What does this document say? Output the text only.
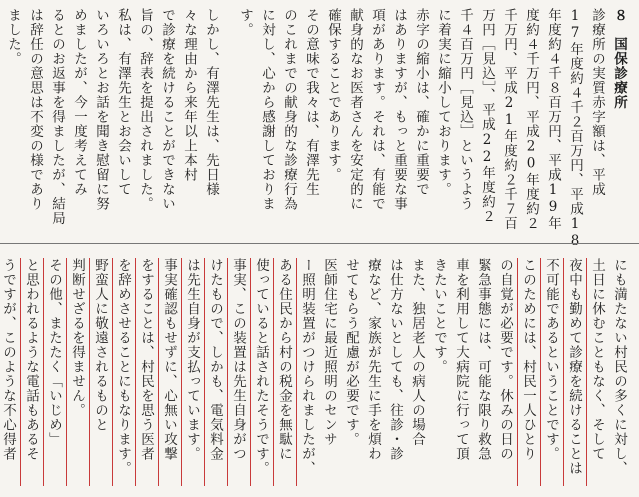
８　国保診療所
診療所の実質赤字額は、平成
17年度約４千２百万円、平成18
年度約４千８百万円、平成19年
度約４千万円、平成20年度約２
千万円、平成21年度約２千７百
万円［見込］、平成22年度約２
千４百万円［見込］というよう
に着実に縮小しております。
赤字の縮小は、確かに重要で
はありますが、もっと重要な事
項があります。それは、有能で
献身的なお医者さんを安定的に
確保することであります。
その意味で我々は、有澤先生
のこれまでの献身的な診療行為
に対し、心から感謝しておりま
す。
しかし、有澤先生は、先日様
々な理由から来年以上本村
で診療を続けることができない
旨の、辞表を提出されました。
私は、有澤先生とお会いして
いろいろとお話を聞き慰留に努
めましたが、今一度考えてみ
るとのお返事を得ましたが、結局
は辞任の意思は不変の様であり
ました。
にも満たない村民の多くに対し、
土日に休むこともなく、そして
夜中も勤めて診療を続けることは
不可能であるということです。
このためには、村民一人ひとり
の自覚が必要です。休みの日の
緊急事態には、可能な限り救急
車を利用して大病院に行って頂
きたいことです。
また、独居老人の病人の場合
は仕方ないとしても、往診・診
療など、家族が先生に手を煩わ
せてもらう配慮が必要です。
医師住宅に最近照明のセンサ
ー照明装置がつけられましたが、
ある住民から村の税金を無駄に
使っていると話されたそうです。
事実、この装置は先生自身がつ
けたもので、しかも、電気料金
は先生自身が支払っています。
事実確認もせずに、心無い攻撃
をすることは、村民を思う医者
を辞めさせることにもなります。
野蛮人に敬遠されるものと
判断せざるを得ません。
その他、またたく「いじめ」
と思われるような電話もあるそ
うですが、このような不心得者
